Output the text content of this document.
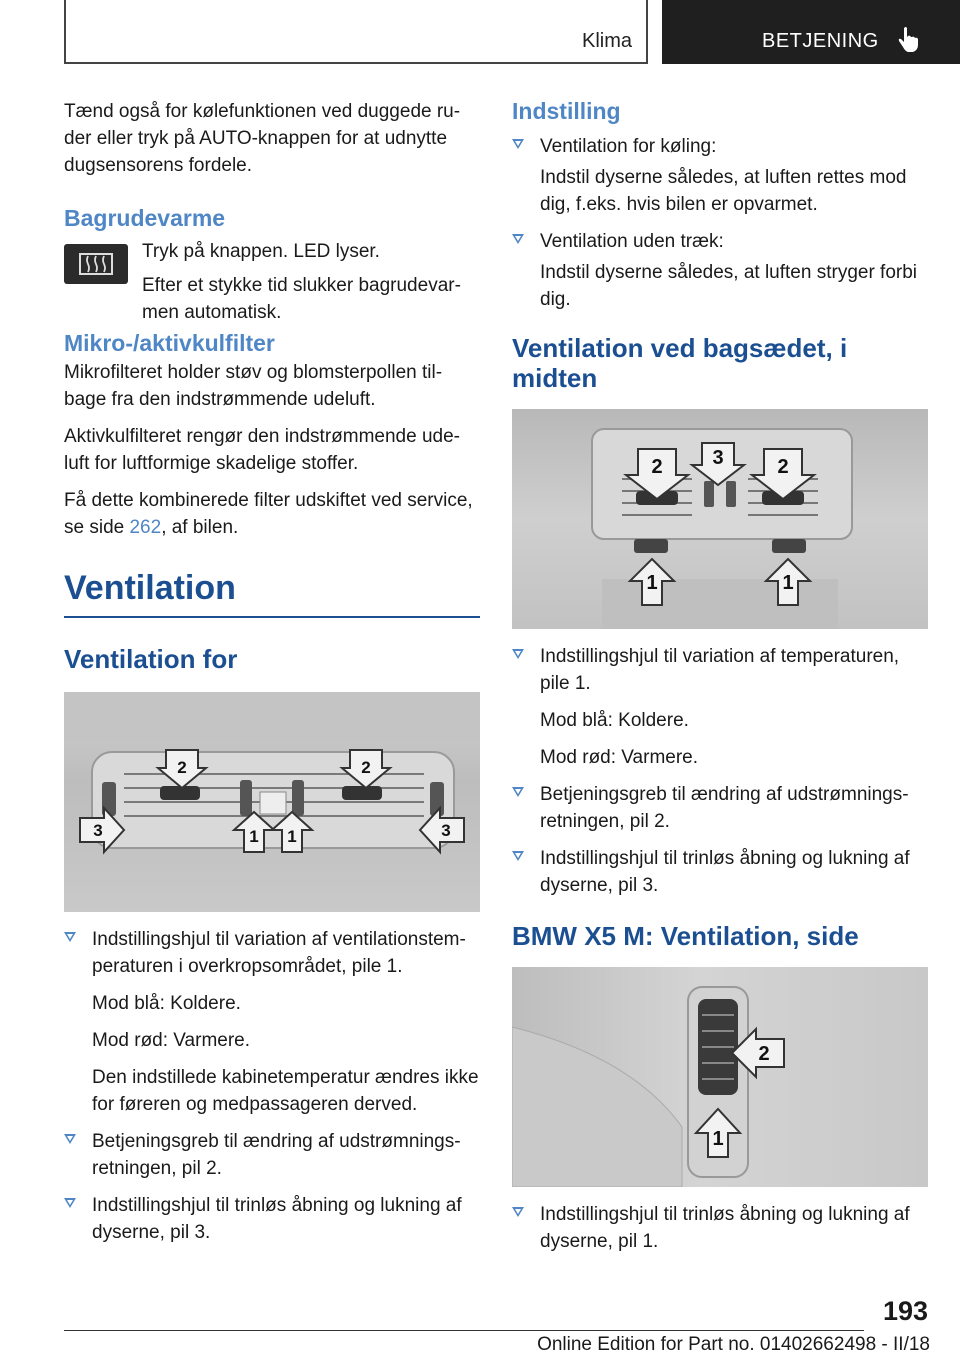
Klima	BETJENING

Tænd også for kølefunktionen ved duggede ru-der eller tryk på AUTO-knappen for at udnytte dugsensorens fordele.

Bagrudevarme

Tryk på knappen. LED lyser.

Efter et stykke tid slukker bagrudevar-men automatisk.

Mikro-/aktivkulfilter

Mikrofilteret holder støv og blomsterpollen til-bage fra den indstrømmende udeluft.

Aktivkulfilteret rengør den indstrømmende ude-luft for luftformige skadelige stoffer.

Få dette kombinerede filter udskiftet ved service, se side 262, af bilen.

Ventilation
Ventilation for
2	2
3	1 1	3

Indstillingshjul til variation af ventilationstem-peraturen i overkropsområdet, pile 1.

Mod blå: Koldere.

Mod rød: Varmere.

Den indstillede kabinetemperatur ændres ikke for føreren og medpassageren derved.

Betjeningsgreb til ændring af udstrømnings-retningen, pil 2.

Indstillingshjul til trinløs åbning og lukning af dyserne, pil 3.

Indstilling

Ventilation for køling:

Indstil dyserne således, at luften rettes mod dig, f.eks. hvis bilen er opvarmet.

Ventilation uden træk:

Indstil dyserne således, at luften stryger forbi dig.

Ventilation ved bagsædet, i midten
2 3	2
1	1

Indstillingshjul til variation af temperaturen, pile 1.

Mod blå: Koldere.

Mod rød: Varmere.

Betjeningsgreb til ændring af udstrømnings-retningen, pil 2.

Indstillingshjul til trinløs åbning og lukning af dyserne, pil 3.

BMW X5 M: Ventilation, side
2
1

Indstillingshjul til trinløs åbning og lukning af dyserne, pil 1.

193
Online Edition for Part no. 01402662498 - II/18
